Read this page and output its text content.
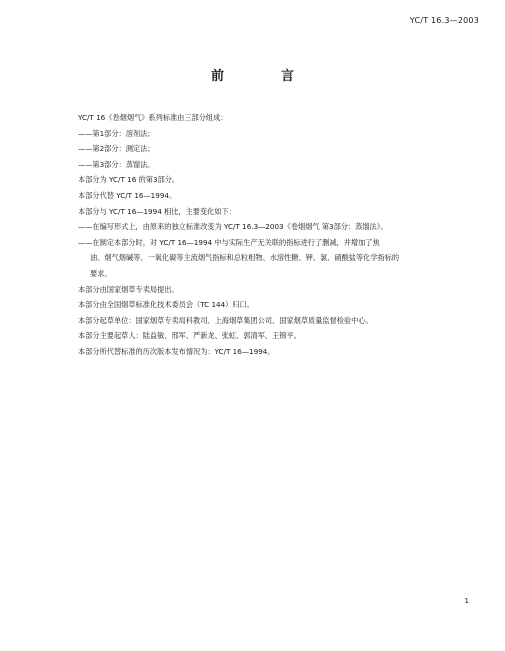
YC/T 16.3—2003
前　言
YC/T 16《卷烟烟气》系列标准由三部分组成：
——第1部分：溶剂法；
——第2部分：测定法；
——第3部分：蒸馏法。
本部分为 YC/T 16 的第3部分。
本部分代替 YC/T 16—1994。
本部分与 YC/T 16—1994 相比，主要变化如下：
——在编写形式上，由原来的独立标准改变为 YC/T 16.3—2003《卷烟烟气 第3部分：蒸馏法》。
——在制定本部分时，对 YC/T 16—1994 中与实际生产无关联的指标进行了删减，并增加了焦
油、烟气烟碱等、一氧化碳等主流烟气指标和总粒相物、水溶性糖、钾、氯、硝酸盐等化学指标的
要求。
本部分由国家烟草专卖局提出。
本部分由全国烟草标准化技术委员会（TC 144）归口。
本部分起草单位：国家烟草专卖局科教司、上海烟草集团公司、国家烟草质量监督检验中心。
本部分主要起草人：陆益敏、邢军、严新龙、张虹、郭清军、王锦平。
本部分所代替标准的历次版本发布情况为：YC/T 16—1994。
1
